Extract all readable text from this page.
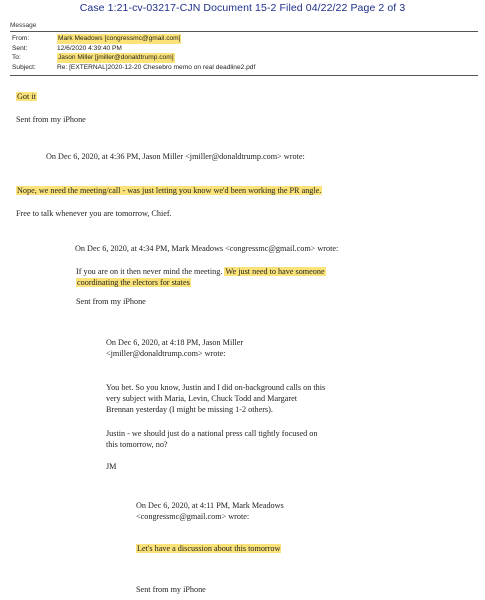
Case 1:21-cv-03217-CJN Document 15-2 Filed 04/22/22 Page 2 of 3
Message
From:	Mark Meadows [congressmc@gmail.com]
Sent:	12/6/2020 4:39:40 PM
To:	Jason Miller [jmiller@donaldtrump.com]
Subject:	Re: [EXTERNAL]2020-12-20 Chesebro memo on real deadline2.pdf
Got it
Sent from my iPhone
On Dec 6, 2020, at 4:36 PM, Jason Miller <jmiller@donaldtrump.com> wrote:
Nope, we need the meeting/call - was just letting you know we'd been working the PR angle.
Free to talk whenever you are tomorrow, Chief.
On Dec 6, 2020, at 4:34 PM, Mark Meadows <congressmc@gmail.com> wrote:
If you are on it then never mind the meeting. We just need to have someone
coordinating the electors for states
Sent from my iPhone
On Dec 6, 2020, at 4:18 PM, Jason Miller
<jmiller@donaldtrump.com> wrote:
You bet. So you know, Justin and I did on-background calls on this
very subject with Maria, Levin, Chuck Todd and Margaret
Brennan yesterday (I might be missing 1-2 others).
Justin - we should just do a national press call tightly focused on
this tomorrow, no?
JM
On Dec 6, 2020, at 4:11 PM, Mark Meadows
<congressmc@gmail.com> wrote:
Let's have a discussion about this tomorrow
Sent from my iPhone
